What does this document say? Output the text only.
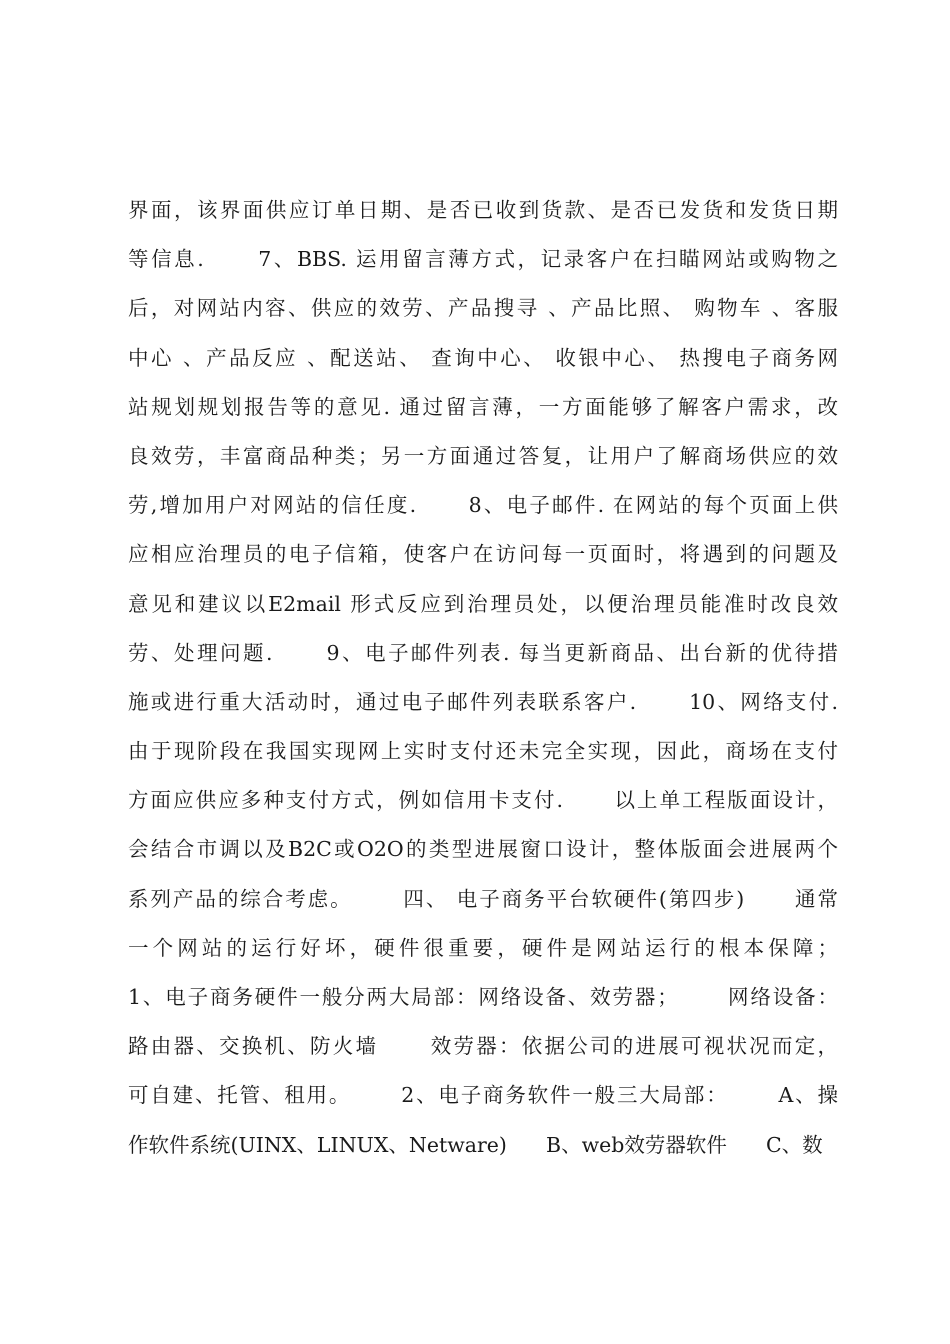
界面，该界面供应订单日期、是否已收到货款、是否已发货和发货日期
等信息.      7、BBS. 运用留言薄方式，记录客户在扫瞄网站或购物之
后，对网站内容、供应的效劳、产品搜寻 、产品比照、 购物车 、客服
中心 、产品反应 、配送站、 查询中心、 收银中心、 热搜电子商务网
站规划规划报告等的意见. 通过留言薄，一方面能够了解客户需求，改
良效劳，丰富商品种类；另一方面通过答复，让用户了解商场供应的效
劳,增加用户对网站的信任度.      8、电子邮件. 在网站的每个页面上供
应相应治理员的电子信箱，使客户在访问每一页面时，将遇到的问题及
意见和建议以E2mail 形式反应到治理员处，以便治理员能准时改良效
劳、处理问题.      9、电子邮件列表. 每当更新商品、出台新的优待措
施或进行重大活动时，通过电子邮件列表联系客户.      10、网络支付.
由于现阶段在我国实现网上实时支付还未完全实现，因此，商场在支付
方面应供应多种支付方式，例如信用卡支付.      以上单工程版面设计，
会结合市调以及B2C或O2O的类型进展窗口设计，整体版面会进展两个
系列产品的综合考虑。      四、 电子商务平台软硬件(第四步)      通常
一个网站的运行好坏，硬件很重要，硬件是网站运行的根本保障；
1、电子商务硬件一般分两大局部：网络设备、效劳器；      网络设备：
路由器、交换机、防火墙      效劳器：依据公司的进展可视状况而定，
可自建、托管、租用。      2、电子商务软件一般三大局部：      A、操
作软件系统(UINX、LINUX、Netware)      B、web效劳器软件      C、数
